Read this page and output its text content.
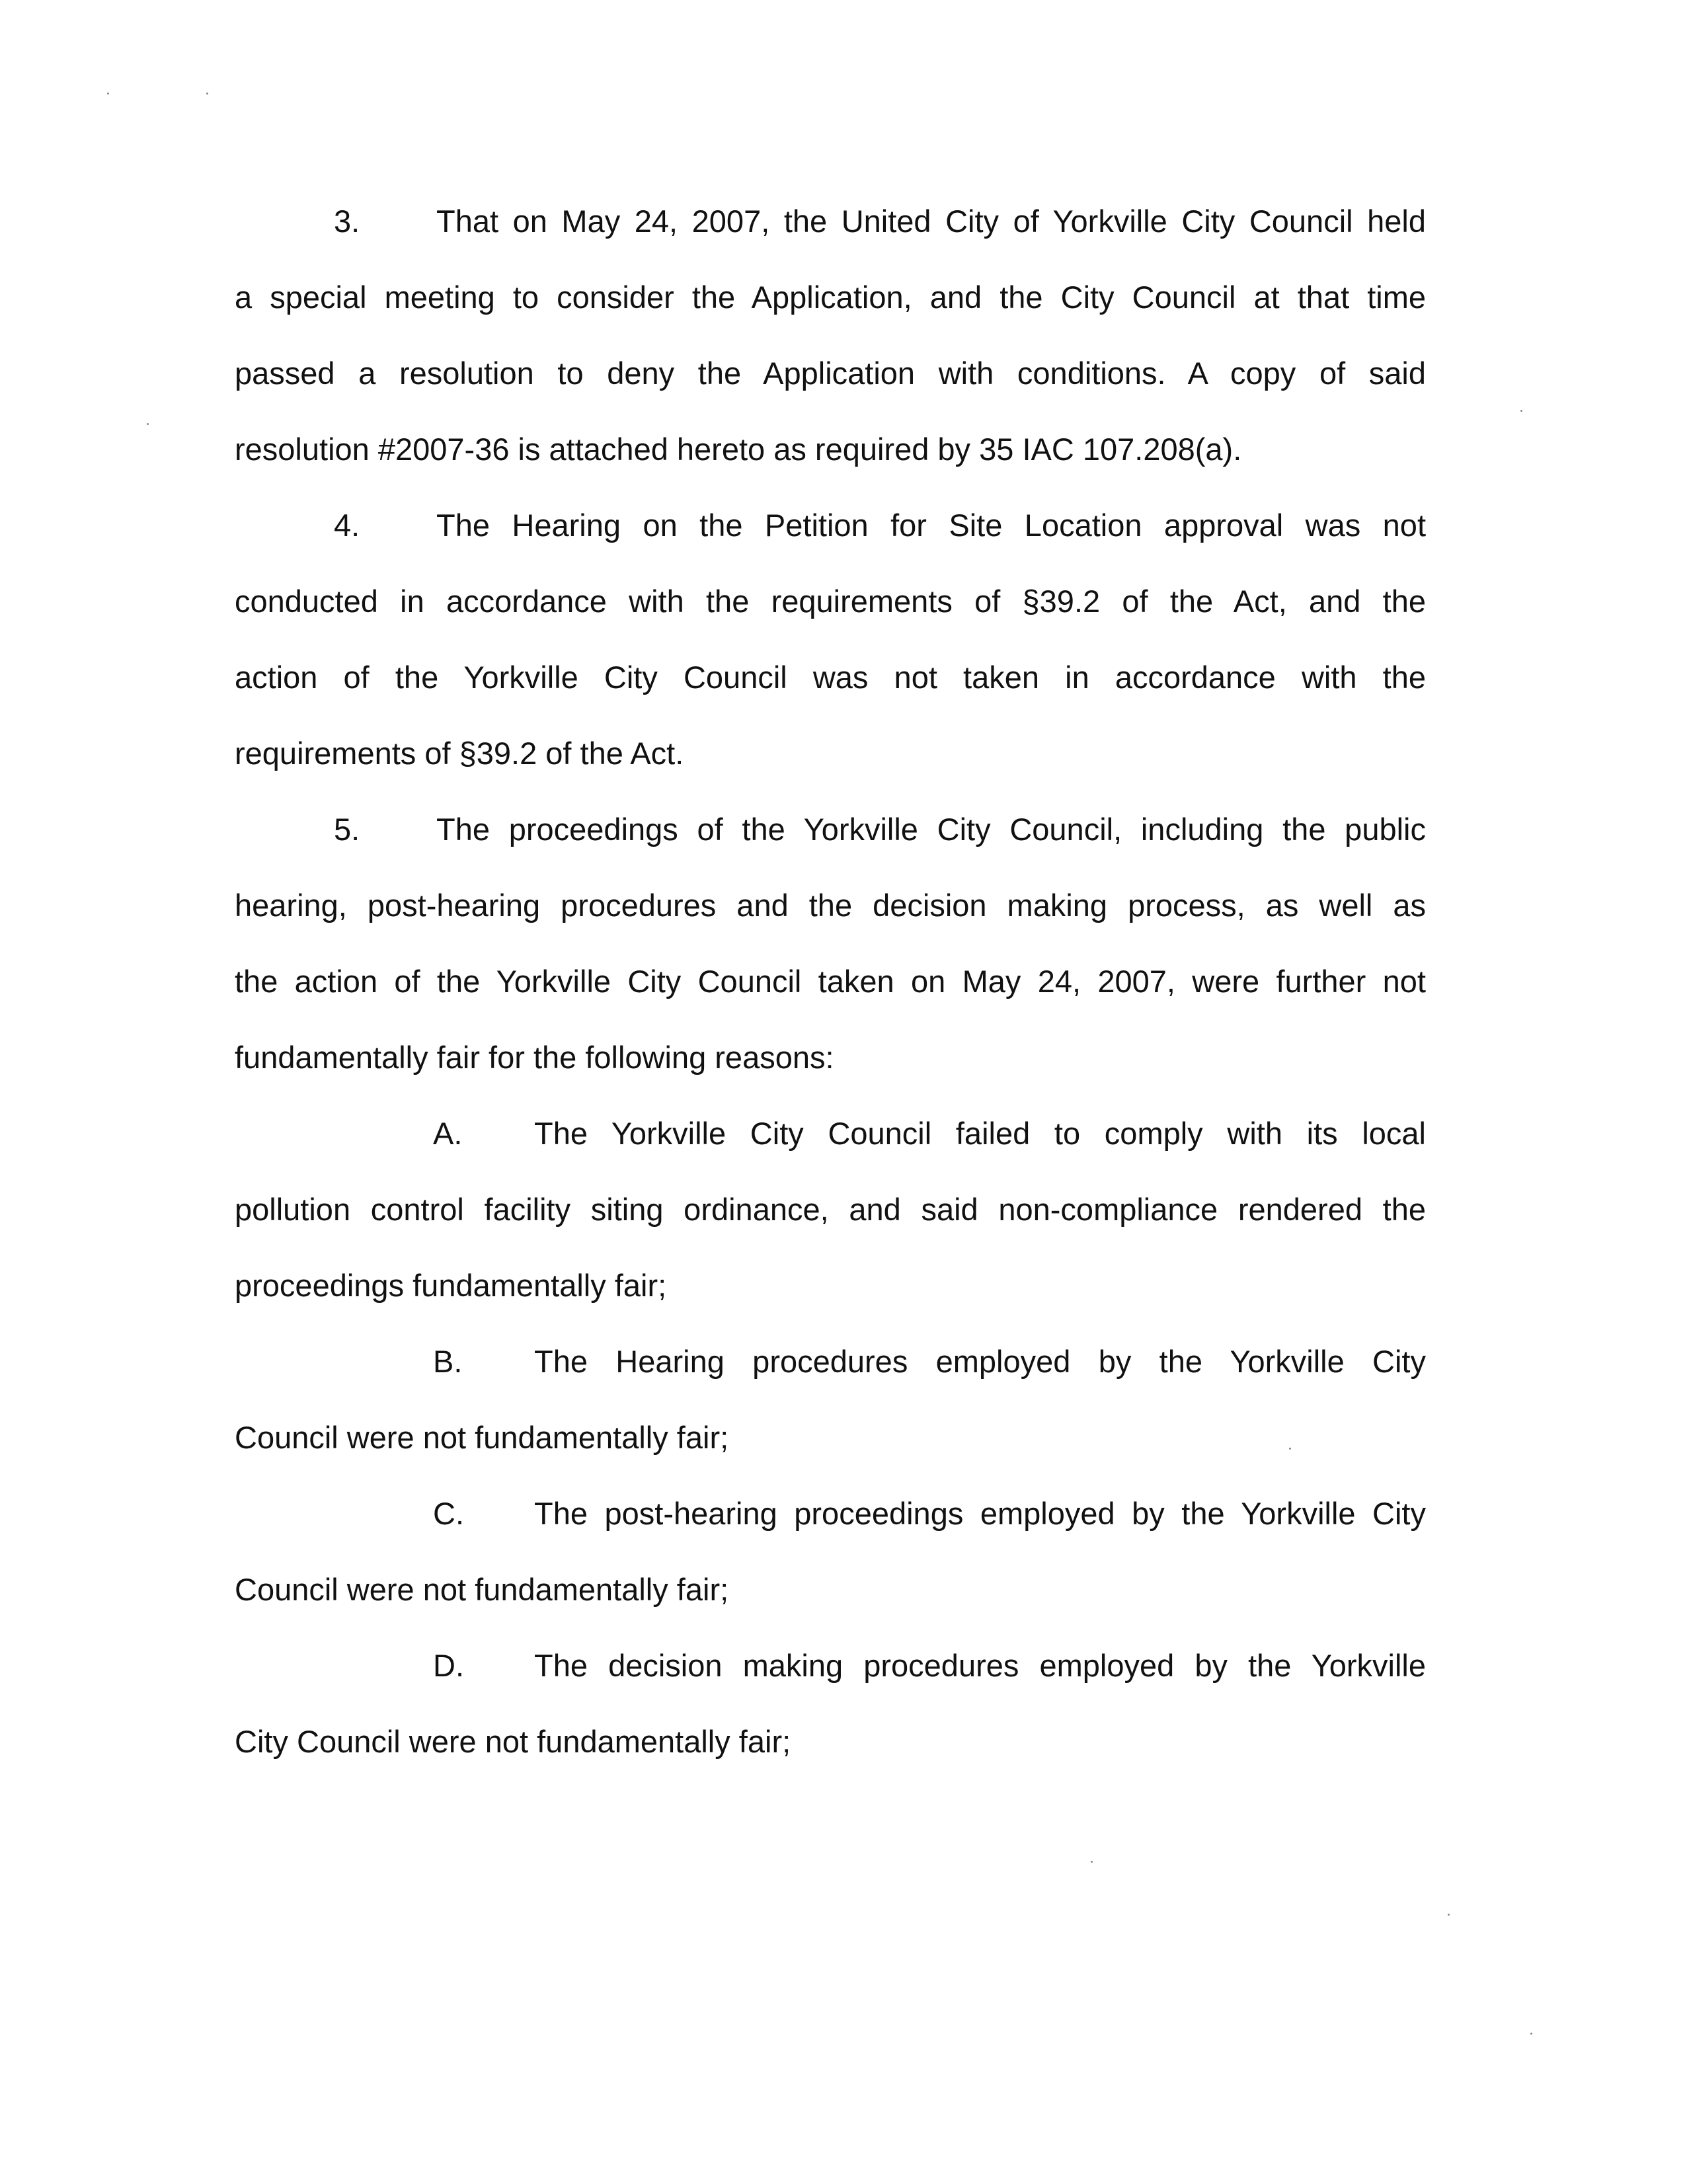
3. That on May 24, 2007, the United City of Yorkville City Council held
a special meeting to consider the Application, and the City Council at that time
passed a resolution to deny the Application with conditions. A copy of said
resolution #2007-36 is attached hereto as required by 35 IAC 107.208(a).
4. The Hearing on the Petition for Site Location approval was not
conducted in accordance with the requirements of §39.2 of the Act, and the
action of the Yorkville City Council was not taken in accordance with the
requirements of §39.2 of the Act.
5. The proceedings of the Yorkville City Council, including the public
hearing, post-hearing procedures and the decision making process, as well as
the action of the Yorkville City Council taken on May 24, 2007, were further not
fundamentally fair for the following reasons:
A. The Yorkville City Council failed to comply with its local
pollution control facility siting ordinance, and said non-compliance rendered the
proceedings fundamentally fair;
B. The Hearing procedures employed by the Yorkville City
Council were not fundamentally fair;
C. The post-hearing proceedings employed by the Yorkville City
Council were not fundamentally fair;
D. The decision making procedures employed by the Yorkville
City Council were not fundamentally fair;
